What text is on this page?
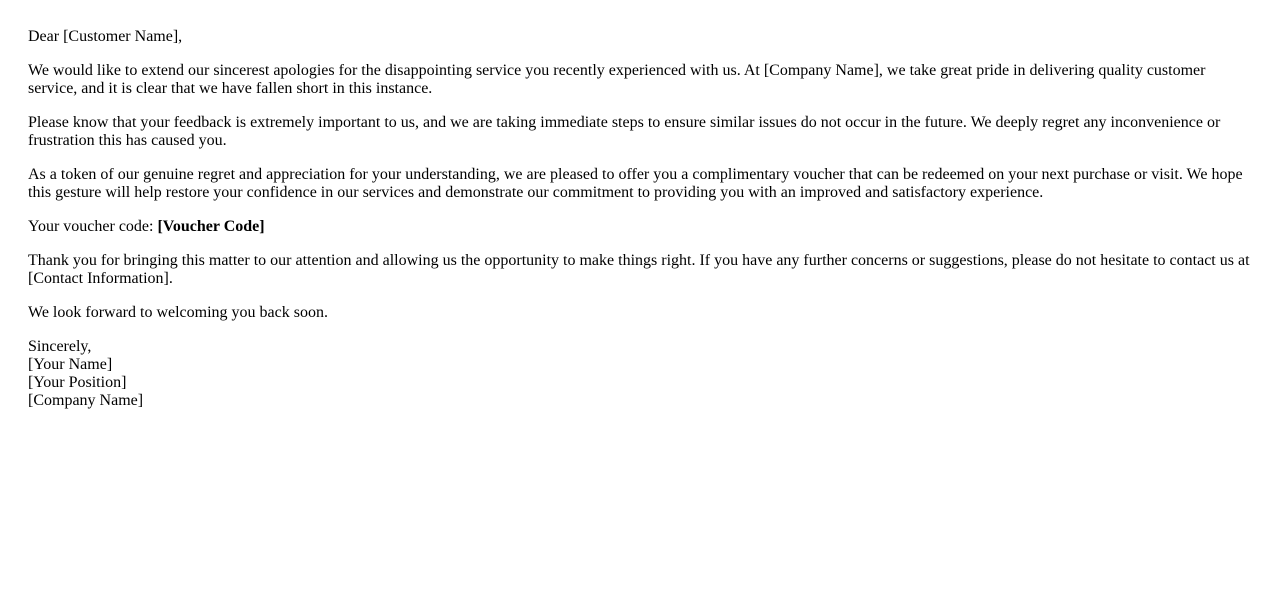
Dear [Customer Name],

We would like to extend our sincerest apologies for the disappointing service you recently experienced with us. At [Company Name], we take great pride in delivering quality customer service, and it is clear that we have fallen short in this instance.

Please know that your feedback is extremely important to us, and we are taking immediate steps to ensure similar issues do not occur in the future. We deeply regret any inconvenience or frustration this has caused you.

As a token of our genuine regret and appreciation for your understanding, we are pleased to offer you a complimentary voucher that can be redeemed on your next purchase or visit. We hope this gesture will help restore your confidence in our services and demonstrate our commitment to providing you with an improved and satisfactory experience.

Your voucher code: [Voucher Code]

Thank you for bringing this matter to our attention and allowing us the opportunity to make things right. If you have any further concerns or suggestions, please do not hesitate to contact us at [Contact Information].

We look forward to welcoming you back soon.

Sincerely,
[Your Name]
[Your Position]
[Company Name]
